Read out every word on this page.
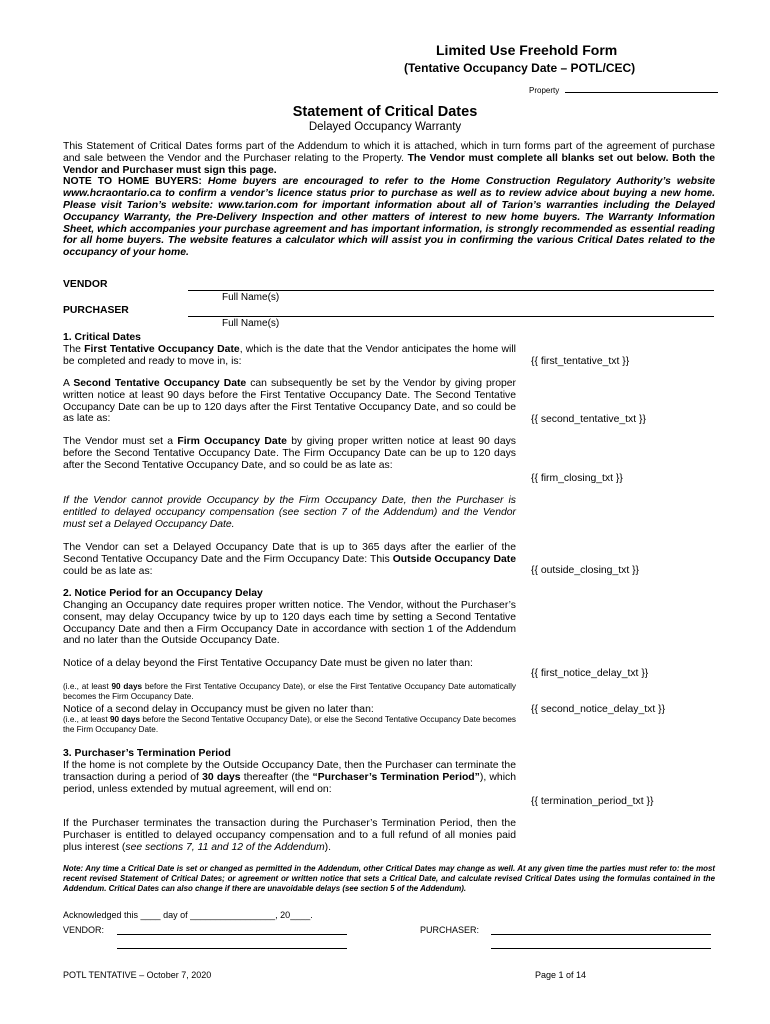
Limited Use Freehold Form
(Tentative Occupancy Date – POTL/CEC)
Property
Statement of Critical Dates
Delayed Occupancy Warranty
This Statement of Critical Dates forms part of the Addendum to which it is attached, which in turn forms part of the agreement of purchase and sale between the Vendor and the Purchaser relating to the Property. The Vendor must complete all blanks set out below. Both the Vendor and Purchaser must sign this page.
NOTE TO HOME BUYERS: Home buyers are encouraged to refer to the Home Construction Regulatory Authority’s website www.hcraontario.ca to confirm a vendor’s licence status prior to purchase as well as to review advice about buying a new home. Please visit Tarion’s website: www.tarion.com for important information about all of Tarion’s warranties including the Delayed Occupancy Warranty, the Pre-Delivery Inspection and other matters of interest to new home buyers. The Warranty Information Sheet, which accompanies your purchase agreement and has important information, is strongly recommended as essential reading for all home buyers. The website features a calculator which will assist you in confirming the various Critical Dates related to the occupancy of your home.
VENDOR
Full Name(s)
PURCHASER
Full Name(s)
1. Critical Dates
The First Tentative Occupancy Date, which is the date that the Vendor anticipates the home will be completed and ready to move in, is:	{{ first_tentative_txt }}
A Second Tentative Occupancy Date can subsequently be set by the Vendor by giving proper written notice at least 90 days before the First Tentative Occupancy Date. The Second Tentative Occupancy Date can be up to 120 days after the First Tentative Occupancy Date, and so could be as late as:	{{ second_tentative_txt }}
The Vendor must set a Firm Occupancy Date by giving proper written notice at least 90 days before the Second Tentative Occupancy Date. The Firm Occupancy Date can be up to 120 days after the Second Tentative Occupancy Date, and so could be as late as:
{{ firm_closing_txt }}
If the Vendor cannot provide Occupancy by the Firm Occupancy Date, then the Purchaser is entitled to delayed occupancy compensation (see section 7 of the Addendum) and the Vendor must set a Delayed Occupancy Date.
The Vendor can set a Delayed Occupancy Date that is up to 365 days after the earlier of the Second Tentative Occupancy Date and the Firm Occupancy Date: This Outside Occupancy Date could be as late as:	{{ outside_closing_txt }}
2. Notice Period for an Occupancy Delay
Changing an Occupancy date requires proper written notice. The Vendor, without the Purchaser’s consent, may delay Occupancy twice by up to 120 days each time by setting a Second Tentative Occupancy Date and then a Firm Occupancy Date in accordance with section 1 of the Addendum and no later than the Outside Occupancy Date.
Notice of a delay beyond the First Tentative Occupancy Date must be given no later than:
{{ first_notice_delay_txt }}
(i.e., at least 90 days before the First Tentative Occupancy Date), or else the First Tentative Occupancy Date automatically becomes the Firm Occupancy Date.
Notice of a second delay in Occupancy must be given no later than:	{{ second_notice_delay_txt }}
(i.e., at least 90 days before the Second Tentative Occupancy Date), or else the Second Tentative Occupancy Date becomes the Firm Occupancy Date.
3. Purchaser’s Termination Period
If the home is not complete by the Outside Occupancy Date, then the Purchaser can terminate the transaction during a period of 30 days thereafter (the “Purchaser’s Termination Period”), which period, unless extended by mutual agreement, will end on:
{{ termination_period_txt }}
If the Purchaser terminates the transaction during the Purchaser’s Termination Period, then the Purchaser is entitled to delayed occupancy compensation and to a full refund of all monies paid plus interest (see sections 7, 11 and 12 of the Addendum).
Note: Any time a Critical Date is set or changed as permitted in the Addendum, other Critical Dates may change as well. At any given time the parties must refer to: the most recent revised Statement of Critical Dates; or agreement or written notice that sets a Critical Date, and calculate revised Critical Dates using the formulas contained in the Addendum. Critical Dates can also change if there are unavoidable delays (see section 5 of the Addendum).
Acknowledged this ____ day of _________________, 20____.
VENDOR:	PURCHASER:
POTL TENTATIVE – October 7, 2020	Page 1 of 14
